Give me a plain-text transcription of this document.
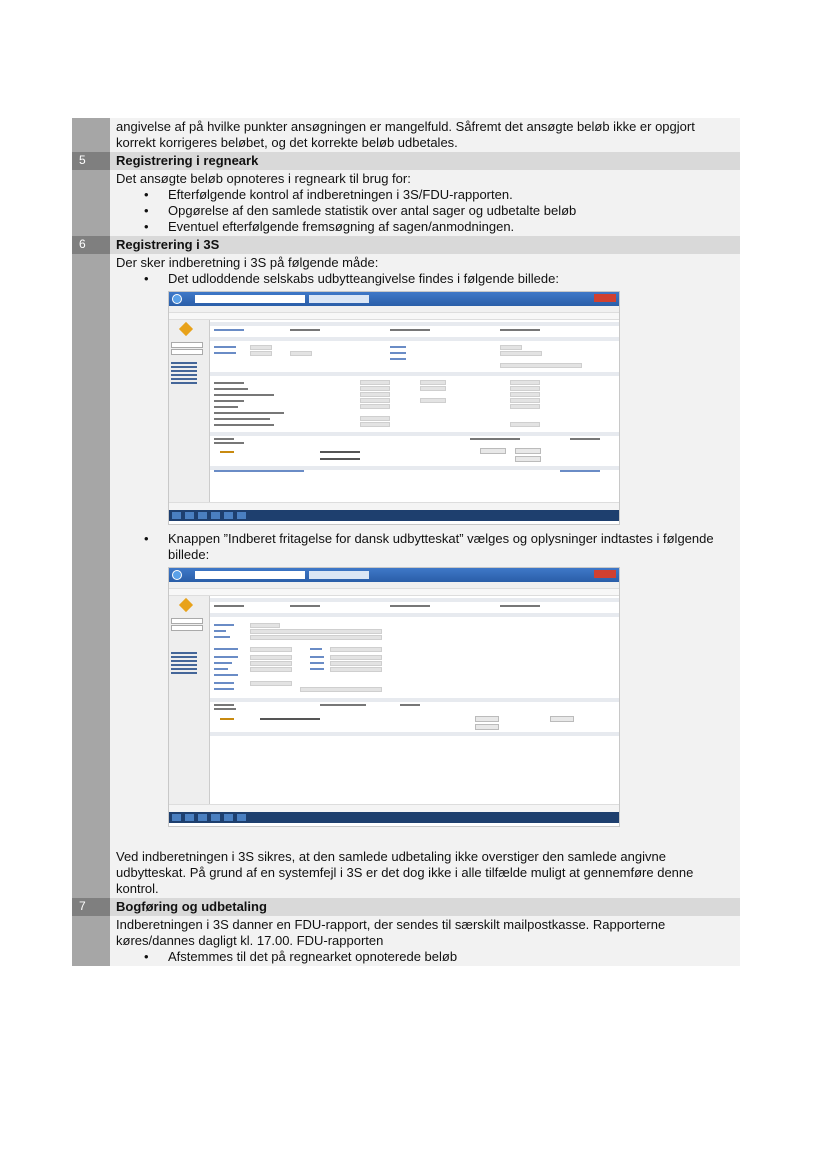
angivelse af på hvilke punkter ansøgningen er mangelfuld. Såfremt det ansøgte beløb ikke er opgjort korrekt korrigeres beløbet, og det korrekte beløb udbetales.
5	Registrering i regneark
Det ansøgte beløb opnoteres i regneark til brug for:
• Efterfølgende kontrol af indberetningen i 3S/FDU-rapporten.
• Opgørelse af den samlede statistik over antal sager og udbetalte beløb
• Eventuel efterfølgende fremsøgning af sagen/anmodningen.
6	Registrering i 3S
Der sker indberetning i 3S på følgende måde:
• Det udloddende selskabs udbytteangivelse findes i følgende billede:
• Knappen ”Indberet fritagelse for dansk udbytteskat” vælges og oplysninger indtastes i følgende billede:
Ved indberetningen i 3S sikres, at den samlede udbetaling ikke overstiger den samlede angivne udbytteskat. På grund af en systemfejl i 3S er det dog ikke i alle tilfælde muligt at gennemføre denne kontrol.
7	Bogføring og udbetaling
Indberetningen i 3S danner en FDU-rapport, der sendes til særskilt mailpostkasse. Rapporterne køres/dannes dagligt kl. 17.00. FDU-rapporten
• Afstemmes til det på regnearket opnoterede beløb
